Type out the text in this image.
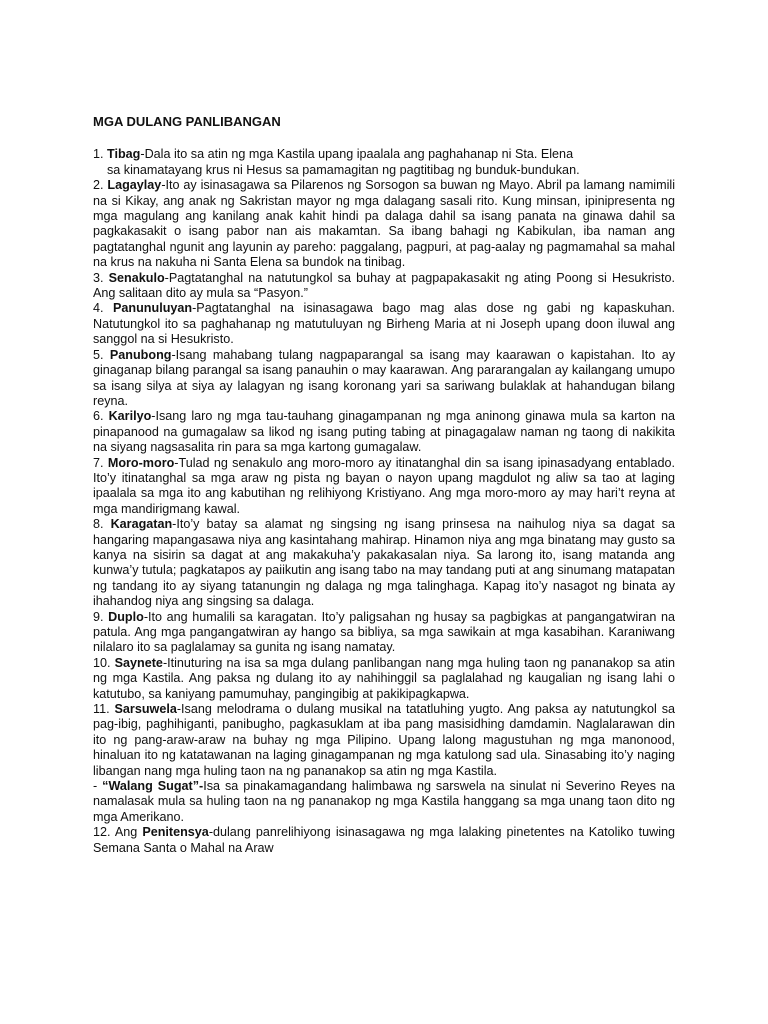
MGA DULANG PANLIBANGAN

1. Tibag-Dala ito sa atin ng mga Kastila upang ipaalala ang paghahanap ni Sta. Elena
sa kinamatayang krus ni Hesus sa pamamagitan ng pagtitibag ng bunduk-bundukan.

2. Lagaylay-Ito ay isinasagawa sa Pilarenos ng Sorsogon sa buwan ng Mayo. Abril pa lamang namimili na si Kikay, ang anak ng Sakristan mayor ng mga dalagang sasali rito. Kung minsan, ipinipresenta ng mga magulang ang kanilang anak kahit hindi pa dalaga dahil sa isang panata na ginawa dahil sa pagkakasakit o isang pabor nan ais makamtan. Sa ibang bahagi ng Kabikulan, iba naman ang pagtatanghal ngunit ang layunin ay pareho: paggalang, pagpuri, at pag-aalay ng pagmamahal sa mahal na krus na nakuha ni Santa Elena sa bundok na tinibag.

3. Senakulo-Pagtatanghal na natutungkol sa buhay at pagpapakasakit ng ating Poong si Hesukristo. Ang salitaan dito ay mula sa “Pasyon.”

4. Panunuluyan-Pagtatanghal na isinasagawa bago mag alas dose ng gabi ng kapaskuhan. Natutungkol ito sa paghahanap ng matutuluyan ng Birheng Maria at ni Joseph upang doon iluwal ang sanggol na si Hesukristo.

5. Panubong-Isang mahabang tulang nagpaparangal sa isang may kaarawan o kapistahan. Ito ay ginaganap bilang parangal sa isang panauhin o may kaarawan. Ang pararangalan ay kailangang umupo sa isang silya at siya ay lalagyan ng isang koronang yari sa sariwang bulaklak at hahandugan bilang reyna.

6. Karilyo-Isang laro ng mga tau-tauhang ginagampanan ng mga aninong ginawa mula sa karton na pinapanood na gumagalaw sa likod ng isang puting tabing at pinagagalaw naman ng taong di nakikita na siyang nagsasalita rin para sa mga kartong gumagalaw.

7. Moro-moro-Tulad ng senakulo ang moro-moro ay itinatanghal din sa isang ipinasadyang entablado. Ito’y itinatanghal sa mga araw ng pista ng bayan o nayon upang magdulot ng aliw sa tao at laging ipaalala sa mga ito ang kabutihan ng relihiyong Kristiyano. Ang mga moro-moro ay may hari’t reyna at mga mandirigmang kawal.

8. Karagatan-Ito’y batay sa alamat ng singsing ng isang prinsesa na naihulog niya sa dagat sa hangaring mapangasawa niya ang kasintahang mahirap. Hinamon niya ang mga binatang may gusto sa kanya na sisirin sa dagat at ang makakuha’y pakakasalan niya. Sa larong ito, isang matanda ang kunwa’y tutula; pagkatapos ay paiikutin ang isang tabo na may tandang puti at ang sinumang matapatan ng tandang ito ay siyang tatanungin ng dalaga ng mga talinghaga. Kapag ito’y nasagot ng binata ay ihahandog niya ang singsing sa dalaga.

9. Duplo-Ito ang humalili sa karagatan. Ito’y paligsahan ng husay sa pagbigkas at pangangatwiran na patula. Ang mga pangangatwiran ay hango sa bibliya, sa mga sawikain at mga kasabihan. Karaniwang nilalaro ito sa paglalamay sa gunita ng isang namatay.

10. Saynete-Itinuturing na isa sa mga dulang panlibangan nang mga huling taon ng pananakop sa atin ng mga Kastila. Ang paksa ng dulang ito ay nahihinggil sa paglalahad ng kaugalian ng isang lahi o katutubo, sa kaniyang pamumuhay, pangingibig at pakikipagkapwa.

11. Sarsuwela-Isang melodrama o dulang musikal na tatatluhing yugto. Ang paksa ay natutungkol sa pag-ibig, paghihiganti, panibugho, pagkasuklam at iba pang masisidhing damdamin. Naglalarawan din ito ng pang-araw-araw na buhay ng mga Pilipino. Upang lalong magustuhan ng mga manonood, hinaluan ito ng katatawanan na laging ginagampanan ng mga katulong sad ula. Sinasabing ito’y naging libangan nang mga huling taon na ng pananakop sa atin ng mga Kastila.

- “Walang Sugat”-Isa sa pinakamagandang halimbawa ng sarswela na sinulat ni Severino Reyes na namalasak mula sa huling taon na ng pananakop ng mga Kastila hanggang sa mga unang taon dito ng mga Amerikano.

12. Ang Penitensya-dulang panrelihiyong isinasagawa ng mga lalaking pinetentes na Katoliko tuwing Semana Santa o Mahal na Araw
